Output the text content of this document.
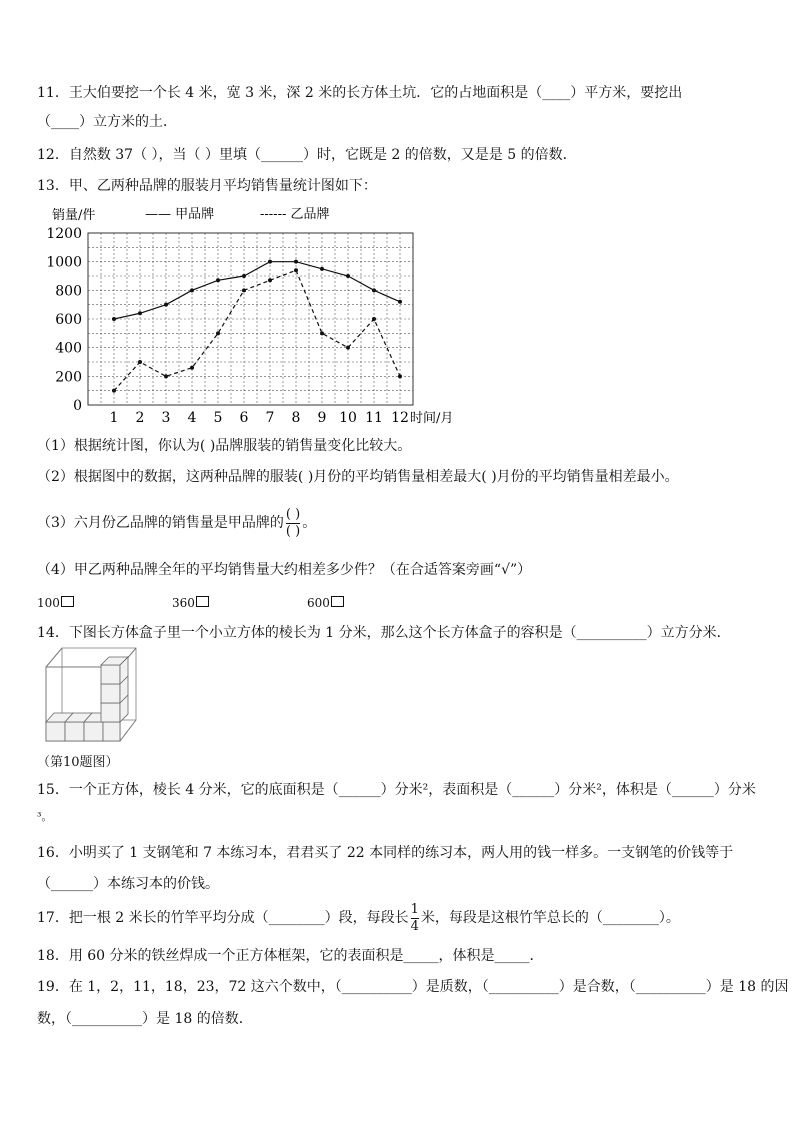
11．王大伯要挖一个长 4 米，宽 3 米，深 2 米的长方体土坑．它的占地面积是（____）平方米，要挖出
（____）立方米的土．
12．自然数 37（ ），当（ ）里填（______）时，它既是 2 的倍数，又是是 5 的倍数．
13．甲、乙两种品牌的服装月平均销售量统计图如下：
销量/件	—— 甲品牌	------ 乙品牌
0
200
400
600
800
1000
1200
1 2 3 4 5 6 7 8 9 10 11 12 时间/月
（1）根据统计图，你认为( )品牌服装的销售量变化比较大。
（2）根据图中的数据，这两种品牌的服装( )月份的平均销售量相差最大( )月份的平均销售量相差最小。
（3）六月份乙品牌的销售量是甲品牌的 $\frac{( )}{( )}$ 。
（4）甲乙两种品牌全年的平均销售量大约相差多少件？（在合适答案旁画“√”）
100	360	600
14．下图长方体盒子里一个小立方体的棱长为 1 分米，那么这个长方体盒子的容积是（__________）立方分米．
（第10题图）
15．一个正方体，棱长 4 分米，它的底面积是（______）分米²，表面积是（______）分米²，体积是（______）分米
³。
16．小明买了 1 支钢笔和 7 本练习本，君君买了 22 本同样的练习本，两人用的钱一样多。一支钢笔的价钱等于
（______）本练习本的价钱。
17．把一根 2 米长的竹竿平均分成（________）段，每段长 $\frac{1}{4}$ 米，每段是这根竹竿总长的（________）。
18．用 60 分米的铁丝焊成一个正方体框架，它的表面积是_____，体积是_____．
19．在 1，2，11，18，23，72 这六个数中，（__________）是质数，（__________）是合数，（__________）是 18 的因
数，（__________）是 18 的倍数．
